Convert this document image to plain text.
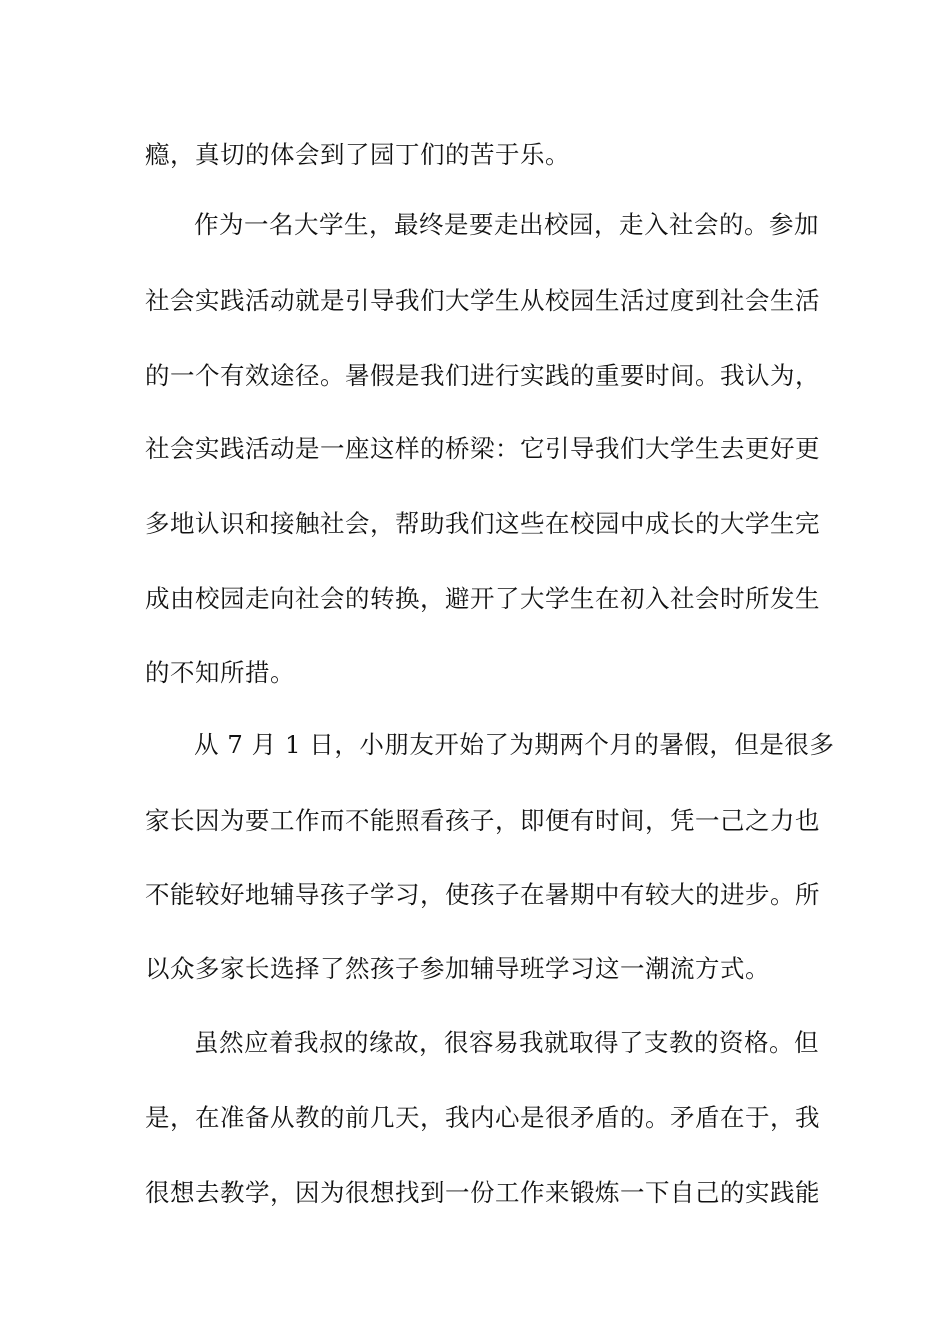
瘾，真切的体会到了园丁们的苦于乐。
作为一名大学生，最终是要走出校园，走入社会的。参加
社会实践活动就是引导我们大学生从校园生活过度到社会生活
的一个有效途径。暑假是我们进行实践的重要时间。我认为，
社会实践活动是一座这样的桥梁：它引导我们大学生去更好更
多地认识和接触社会，帮助我们这些在校园中成长的大学生完
成由校园走向社会的转换，避开了大学生在初入社会时所发生
的不知所措。
从 7 月 1 日，小朋友开始了为期两个月的暑假，但是很多
家长因为要工作而不能照看孩子，即便有时间，凭一己之力也
不能较好地辅导孩子学习，使孩子在暑期中有较大的进步。所
以众多家长选择了然孩子参加辅导班学习这一潮流方式。
虽然应着我叔的缘故，很容易我就取得了支教的资格。但
是，在准备从教的前几天，我内心是很矛盾的。矛盾在于，我
很想去教学，因为很想找到一份工作来锻炼一下自己的实践能
